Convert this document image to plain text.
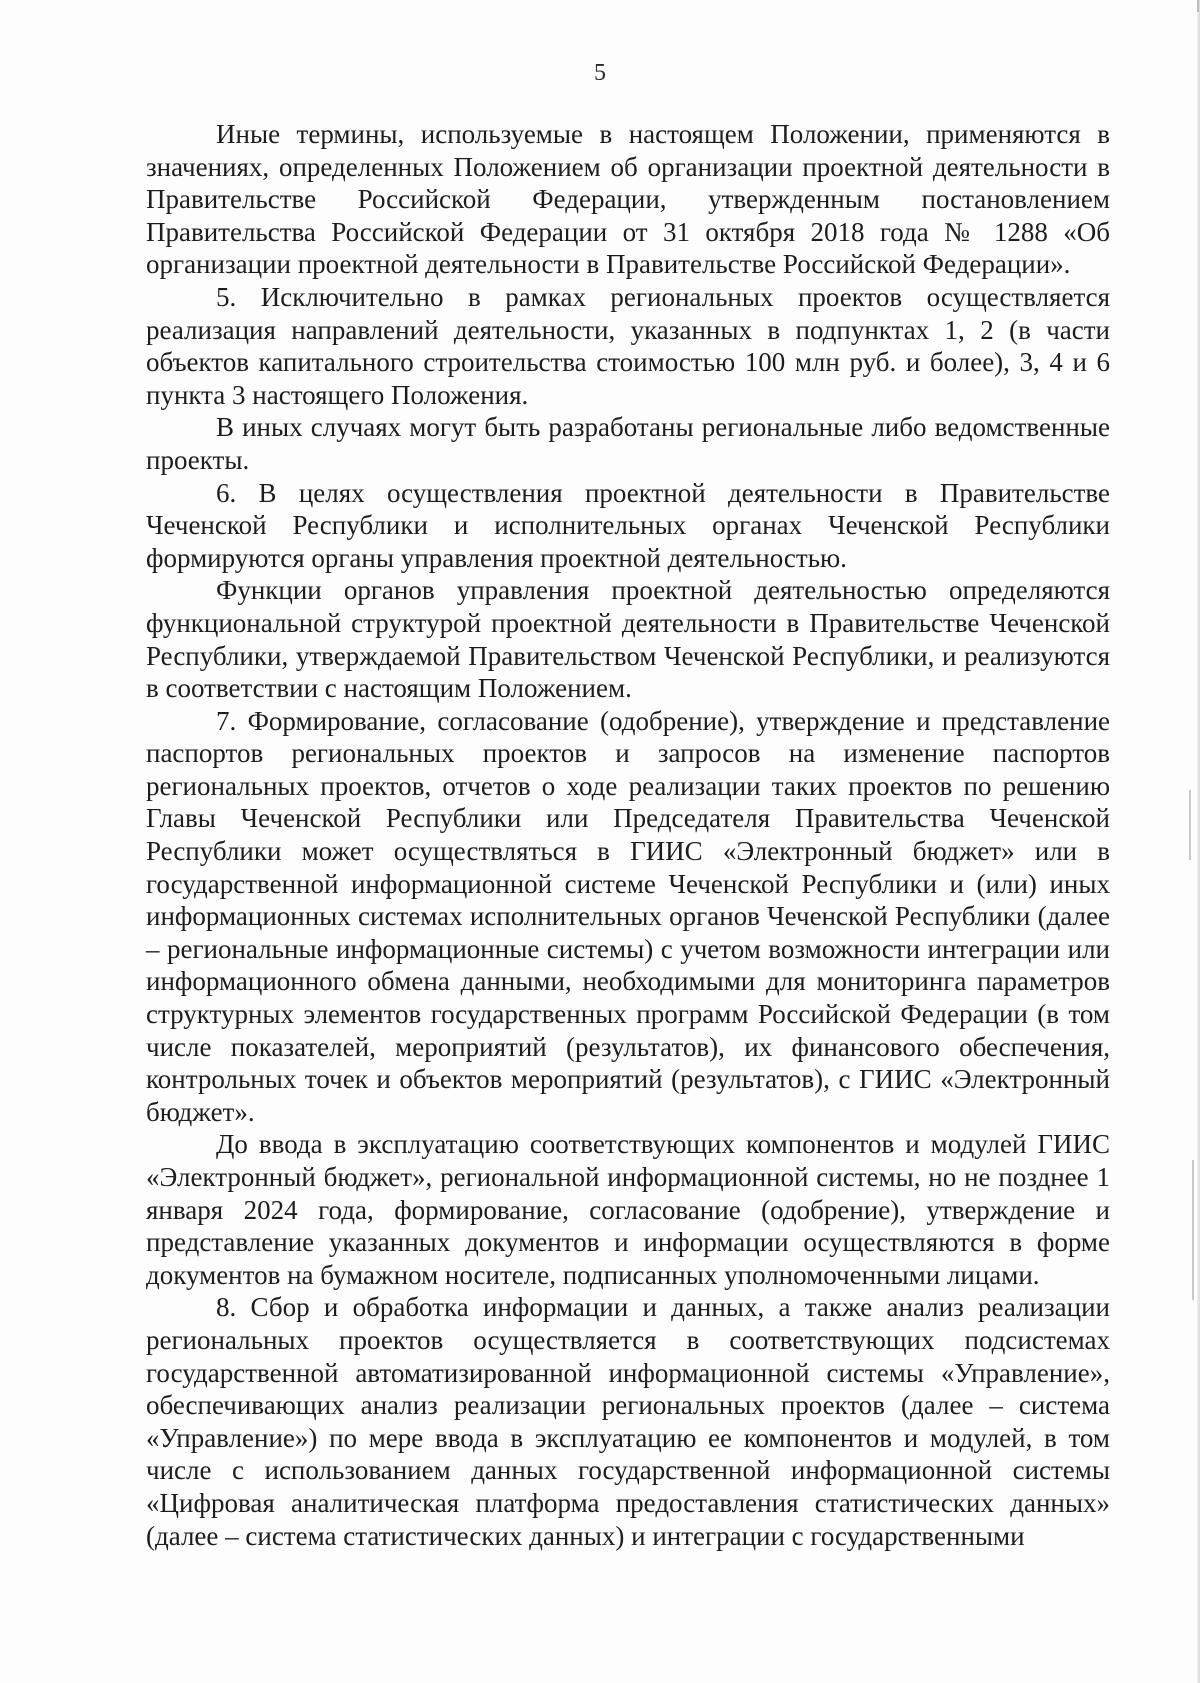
5

Иные термины, используемые в настоящем Положении, применяются в значениях, определенных Положением об организации проектной деятельности в Правительстве Российской Федерации, утвержденным постановлением Правительства Российской Федерации от 31 октября 2018 года № 1288 «Об организации проектной деятельности в Правительстве Российской Федерации».

5. Исключительно в рамках региональных проектов осуществляется реализация направлений деятельности, указанных в подпунктах 1, 2 (в части объектов капитального строительства стоимостью 100 млн руб. и более), 3, 4 и 6 пункта 3 настоящего Положения.

В иных случаях могут быть разработаны региональные либо ведомственные проекты.

6. В целях осуществления проектной деятельности в Правительстве Чеченской Республики и исполнительных органах Чеченской Республики формируются органы управления проектной деятельностью.

Функции органов управления проектной деятельностью определяются функциональной структурой проектной деятельности в Правительстве Чеченской Республики, утверждаемой Правительством Чеченской Республики, и реализуются в соответствии с настоящим Положением.

7. Формирование, согласование (одобрение), утверждение и представление паспортов региональных проектов и запросов на изменение паспортов региональных проектов, отчетов о ходе реализации таких проектов по решению Главы Чеченской Республики или Председателя Правительства Чеченской Республики может осуществляться в ГИИС «Электронный бюджет» или в государственной информационной системе Чеченской Республики и (или) иных информационных системах исполнительных органов Чеченской Республики (далее – региональные информационные системы) с учетом возможности интеграции или информационного обмена данными, необходимыми для мониторинга параметров структурных элементов государственных программ Российской Федерации (в том числе показателей, мероприятий (результатов), их финансового обеспечения, контрольных точек и объектов мероприятий (результатов), с ГИИС «Электронный бюджет».

До ввода в эксплуатацию соответствующих компонентов и модулей ГИИС «Электронный бюджет», региональной информационной системы, но не позднее 1 января 2024 года, формирование, согласование (одобрение), утверждение и представление указанных документов и информации осуществляются в форме документов на бумажном носителе, подписанных уполномоченными лицами.

8. Сбор и обработка информации и данных, а также анализ реализации региональных проектов осуществляется в соответствующих подсистемах государственной автоматизированной информационной системы «Управление», обеспечивающих анализ реализации региональных проектов (далее – система «Управление») по мере ввода в эксплуатацию ее компонентов и модулей, в том числе с использованием данных государственной информационной системы «Цифровая аналитическая платформа предоставления статистических данных» (далее – система статистических данных) и интеграции с государственными
